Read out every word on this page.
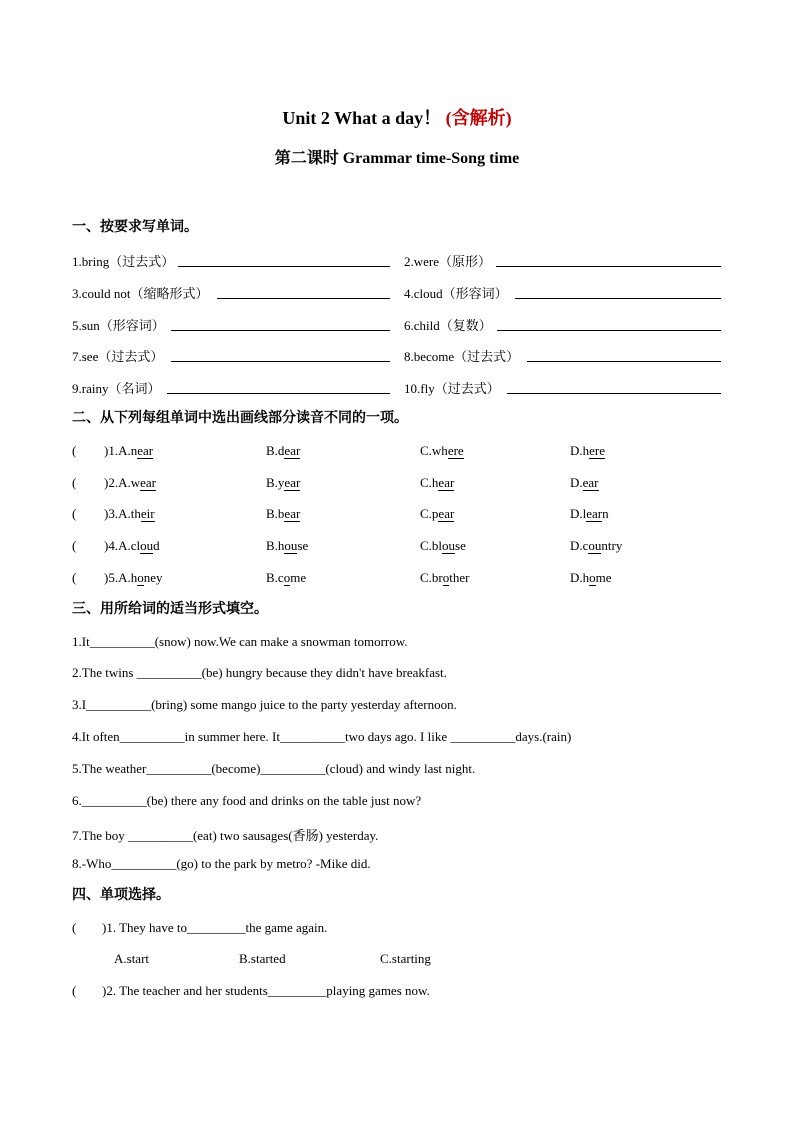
Unit 2 What a day！ (含解析)
第二课时 Grammar time-Song time
一、按要求写单词。
1.bring（过去式）	2.were（原形）
3.could not（缩略形式）	4.cloud（形容词）
5.sun（形容词）	6.child（复数）
7.see（过去式）	8.become（过去式）
9.rainy（名词）	10.fly（过去式）
二、从下列每组单词中选出画线部分读音不同的一项。
( )1.A.near	B.dear	C.where	D.here
( )2.A.wear	B.year	C.hear	D.ear
( )3.A.their	B.bear	C.pear	D.learn
( )4.A.cloud	B.house	C.blouse	D.country
( )5.A.honey	B.come	C.brother	D.home
三、用所给词的适当形式填空。
1.It__________(snow) now.We can make a snowman tomorrow.
2.The twins __________(be) hungry because they didn't have breakfast.
3.I__________(bring) some mango juice to the party yesterday afternoon.
4.It often__________in summer here. It__________two days ago. I like __________days.(rain)
5.The weather__________(become)__________(cloud) and windy last night.
6.__________(be) there any food and drinks on the table just now?
7.The boy __________(eat) two sausages(香肠) yesterday.
8.-Who__________(go) to the park by metro? -Mike did.
四、单项选择。
( )1. They have to_________the game again.
A.start	B.started	C.starting
( )2. The teacher and her students_________playing games now.
